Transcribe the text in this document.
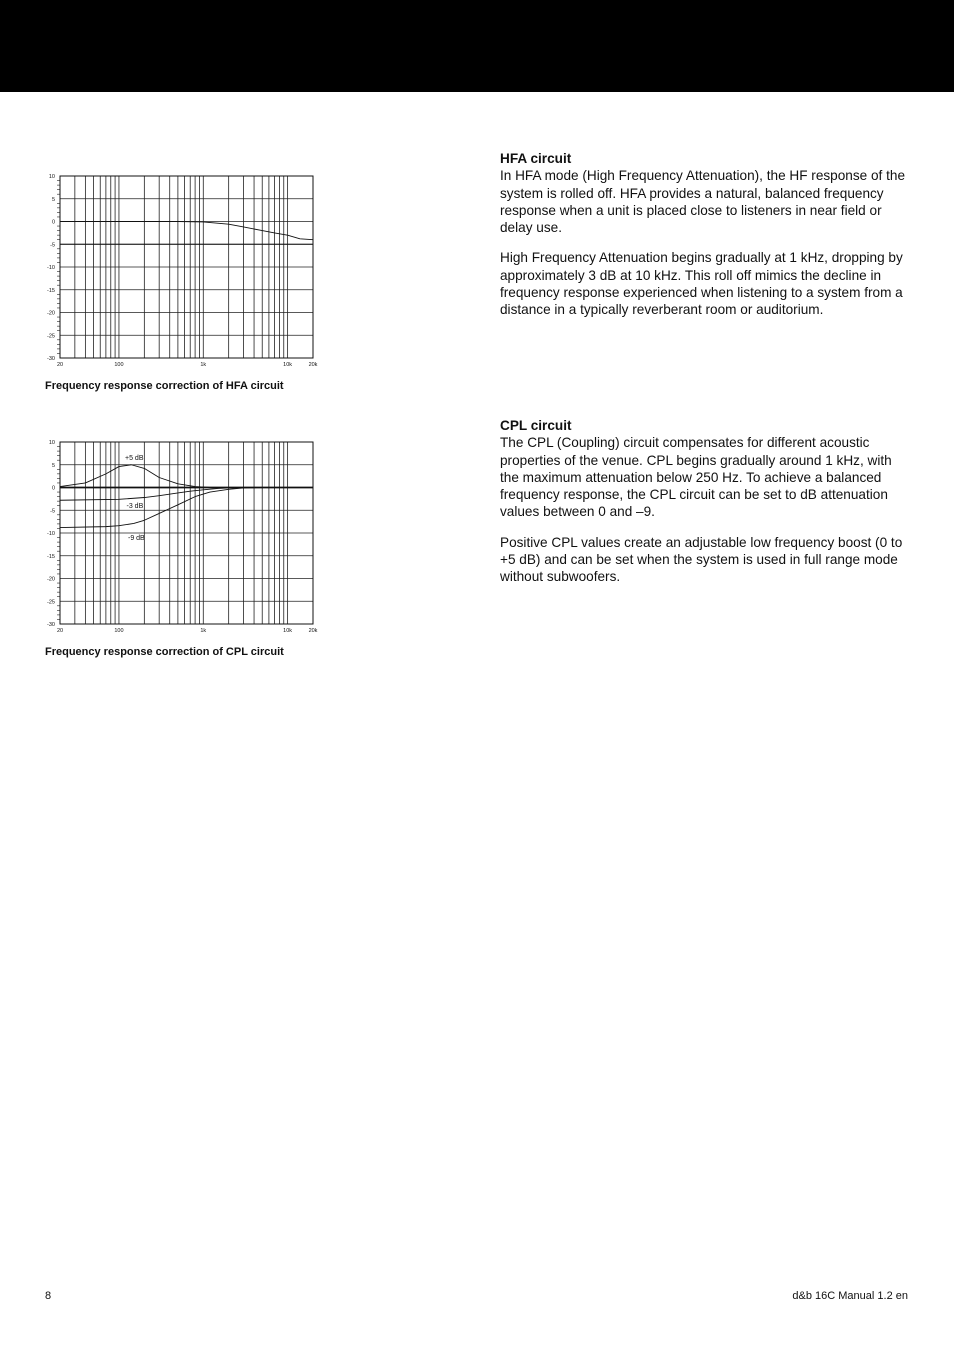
10
5
0
-5
-10
-15
-20
-25
-30
20	100	1k	10k	20k
Frequency response correction of HFA circuit
10
5
0
-5
-10
-15
-20
-25
-30
20	100	1k	10k	20k
+5 dB
-3 dB
-9 dB
Frequency response correction of CPL circuit
HFA circuit

In HFA mode (High Frequency Attenuation), the HF response of the system is rolled off. HFA provides a natural, balanced frequency response when a unit is placed close to listeners in near field or delay use.

High Frequency Attenuation begins gradually at 1 kHz, dropping by approximately 3 dB at 10 kHz. This roll off mimics the decline in frequency response experienced when listening to a system from a distance in a typically reverberant room or auditorium.

CPL circuit

The CPL (Coupling) circuit compensates for different acoustic properties of the venue. CPL begins gradually around 1 kHz, with the maximum attenuation below 250 Hz. To achieve a balanced frequency response, the CPL circuit can be set to dB attenuation values between 0 and –9.

Positive CPL values create an adjustable low frequency boost (0 to +5 dB) and can be set when the system is used in full range mode without subwoofers.

8	d&b 16C Manual 1.2 en
